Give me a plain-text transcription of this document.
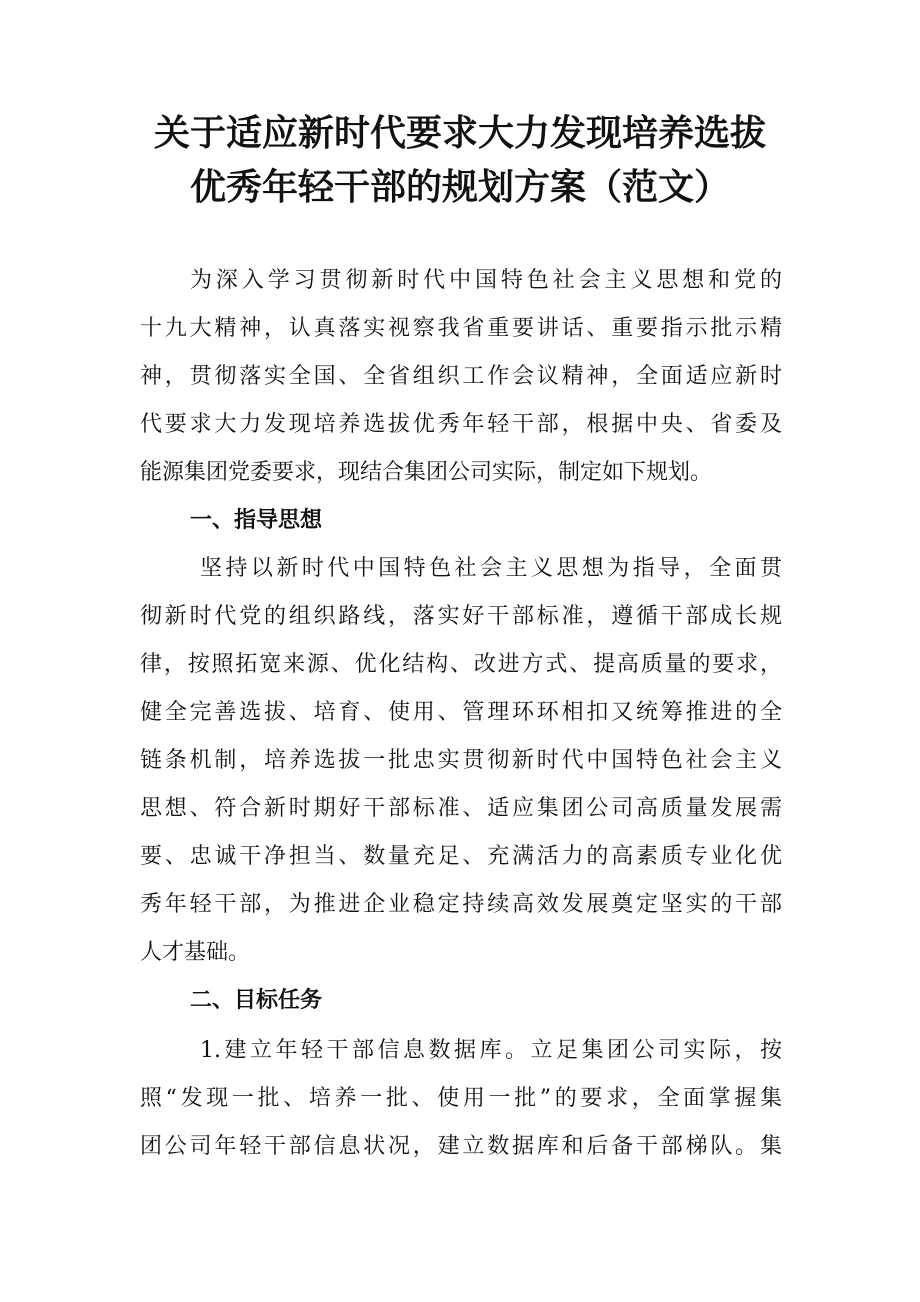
关于适应新时代要求大力发现培养选拔
优秀年轻干部的规划方案（范文）
为深入学习贯彻新时代中国特色社会主义思想和党的
十九大精神，认真落实视察我省重要讲话、重要指示批示精
神，贯彻落实全国、全省组织工作会议精神，全面适应新时
代要求大力发现培养选拔优秀年轻干部，根据中央、省委及
能源集团党委要求，现结合集团公司实际，制定如下规划。
一、指导思想
坚持以新时代中国特色社会主义思想为指导，全面贯
彻新时代党的组织路线，落实好干部标准，遵循干部成长规
律，按照拓宽来源、优化结构、改进方式、提高质量的要求，
健全完善选拔、培育、使用、管理环环相扣又统筹推进的全
链条机制，培养选拔一批忠实贯彻新时代中国特色社会主义
思想、符合新时期好干部标准、适应集团公司高质量发展需
要、忠诚干净担当、数量充足、充满活力的高素质专业化优
秀年轻干部，为推进企业稳定持续高效发展奠定坚实的干部
人才基础。
二、目标任务
1.建立年轻干部信息数据库。立足集团公司实际，按
照“发现一批、培养一批、使用一批”的要求，全面掌握集
团公司年轻干部信息状况，建立数据库和后备干部梯队。集
